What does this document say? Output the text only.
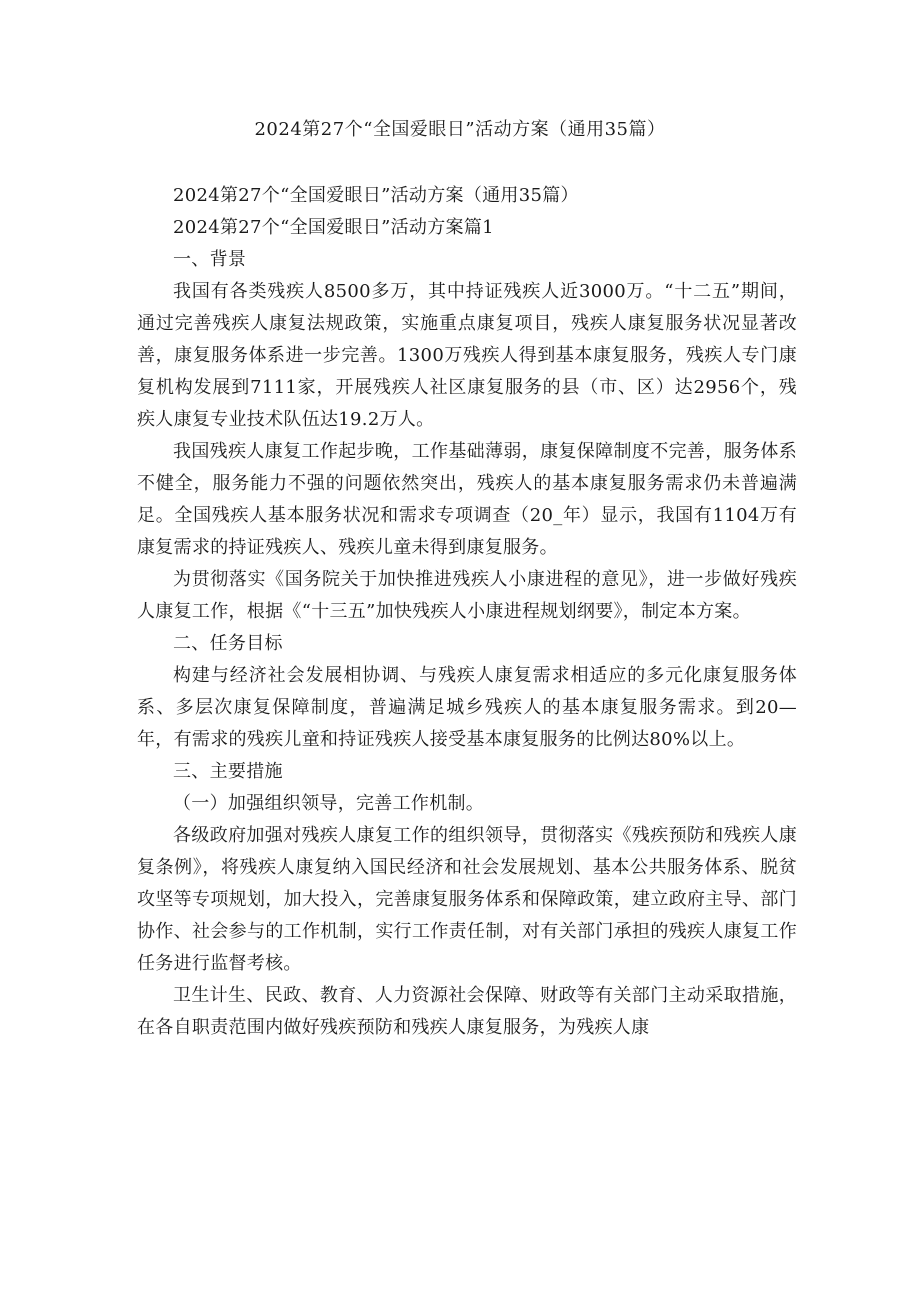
2024第27个“全国爱眼日”活动方案（通用35篇）

2024第27个“全国爱眼日”活动方案（通用35篇）

2024第27个“全国爱眼日”活动方案篇1

一、背景

我国有各类残疾人8500多万，其中持证残疾人近3000万。“十二五”期间，通过完善残疾人康复法规政策，实施重点康复项目，残疾人康复服务状况显著改善，康复服务体系进一步完善。1300万残疾人得到基本康复服务，残疾人专门康复机构发展到7111家，开展残疾人社区康复服务的县（市、区）达2956个，残疾人康复专业技术队伍达19.2万人。

我国残疾人康复工作起步晚，工作基础薄弱，康复保障制度不完善，服务体系不健全，服务能力不强的问题依然突出，残疾人的基本康复服务需求仍未普遍满足。全国残疾人基本服务状况和需求专项调查（20_年）显示，我国有1104万有康复需求的持证残疾人、残疾儿童未得到康复服务。

为贯彻落实《国务院关于加快推进残疾人小康进程的意见》，进一步做好残疾人康复工作，根据《“十三五”加快残疾人小康进程规划纲要》，制定本方案。

二、任务目标

构建与经济社会发展相协调、与残疾人康复需求相适应的多元化康复服务体系、多层次康复保障制度，普遍满足城乡残疾人的基本康复服务需求。到20—年，有需求的残疾儿童和持证残疾人接受基本康复服务的比例达80%以上。

三、主要措施

（一）加强组织领导，完善工作机制。

各级政府加强对残疾人康复工作的组织领导，贯彻落实《残疾预防和残疾人康复条例》，将残疾人康复纳入国民经济和社会发展规划、基本公共服务体系、脱贫攻坚等专项规划，加大投入，完善康复服务体系和保障政策，建立政府主导、部门协作、社会参与的工作机制，实行工作责任制，对有关部门承担的残疾人康复工作任务进行监督考核。

卫生计生、民政、教育、人力资源社会保障、财政等有关部门主动采取措施，在各自职责范围内做好残疾预防和残疾人康复服务，为残疾人康
